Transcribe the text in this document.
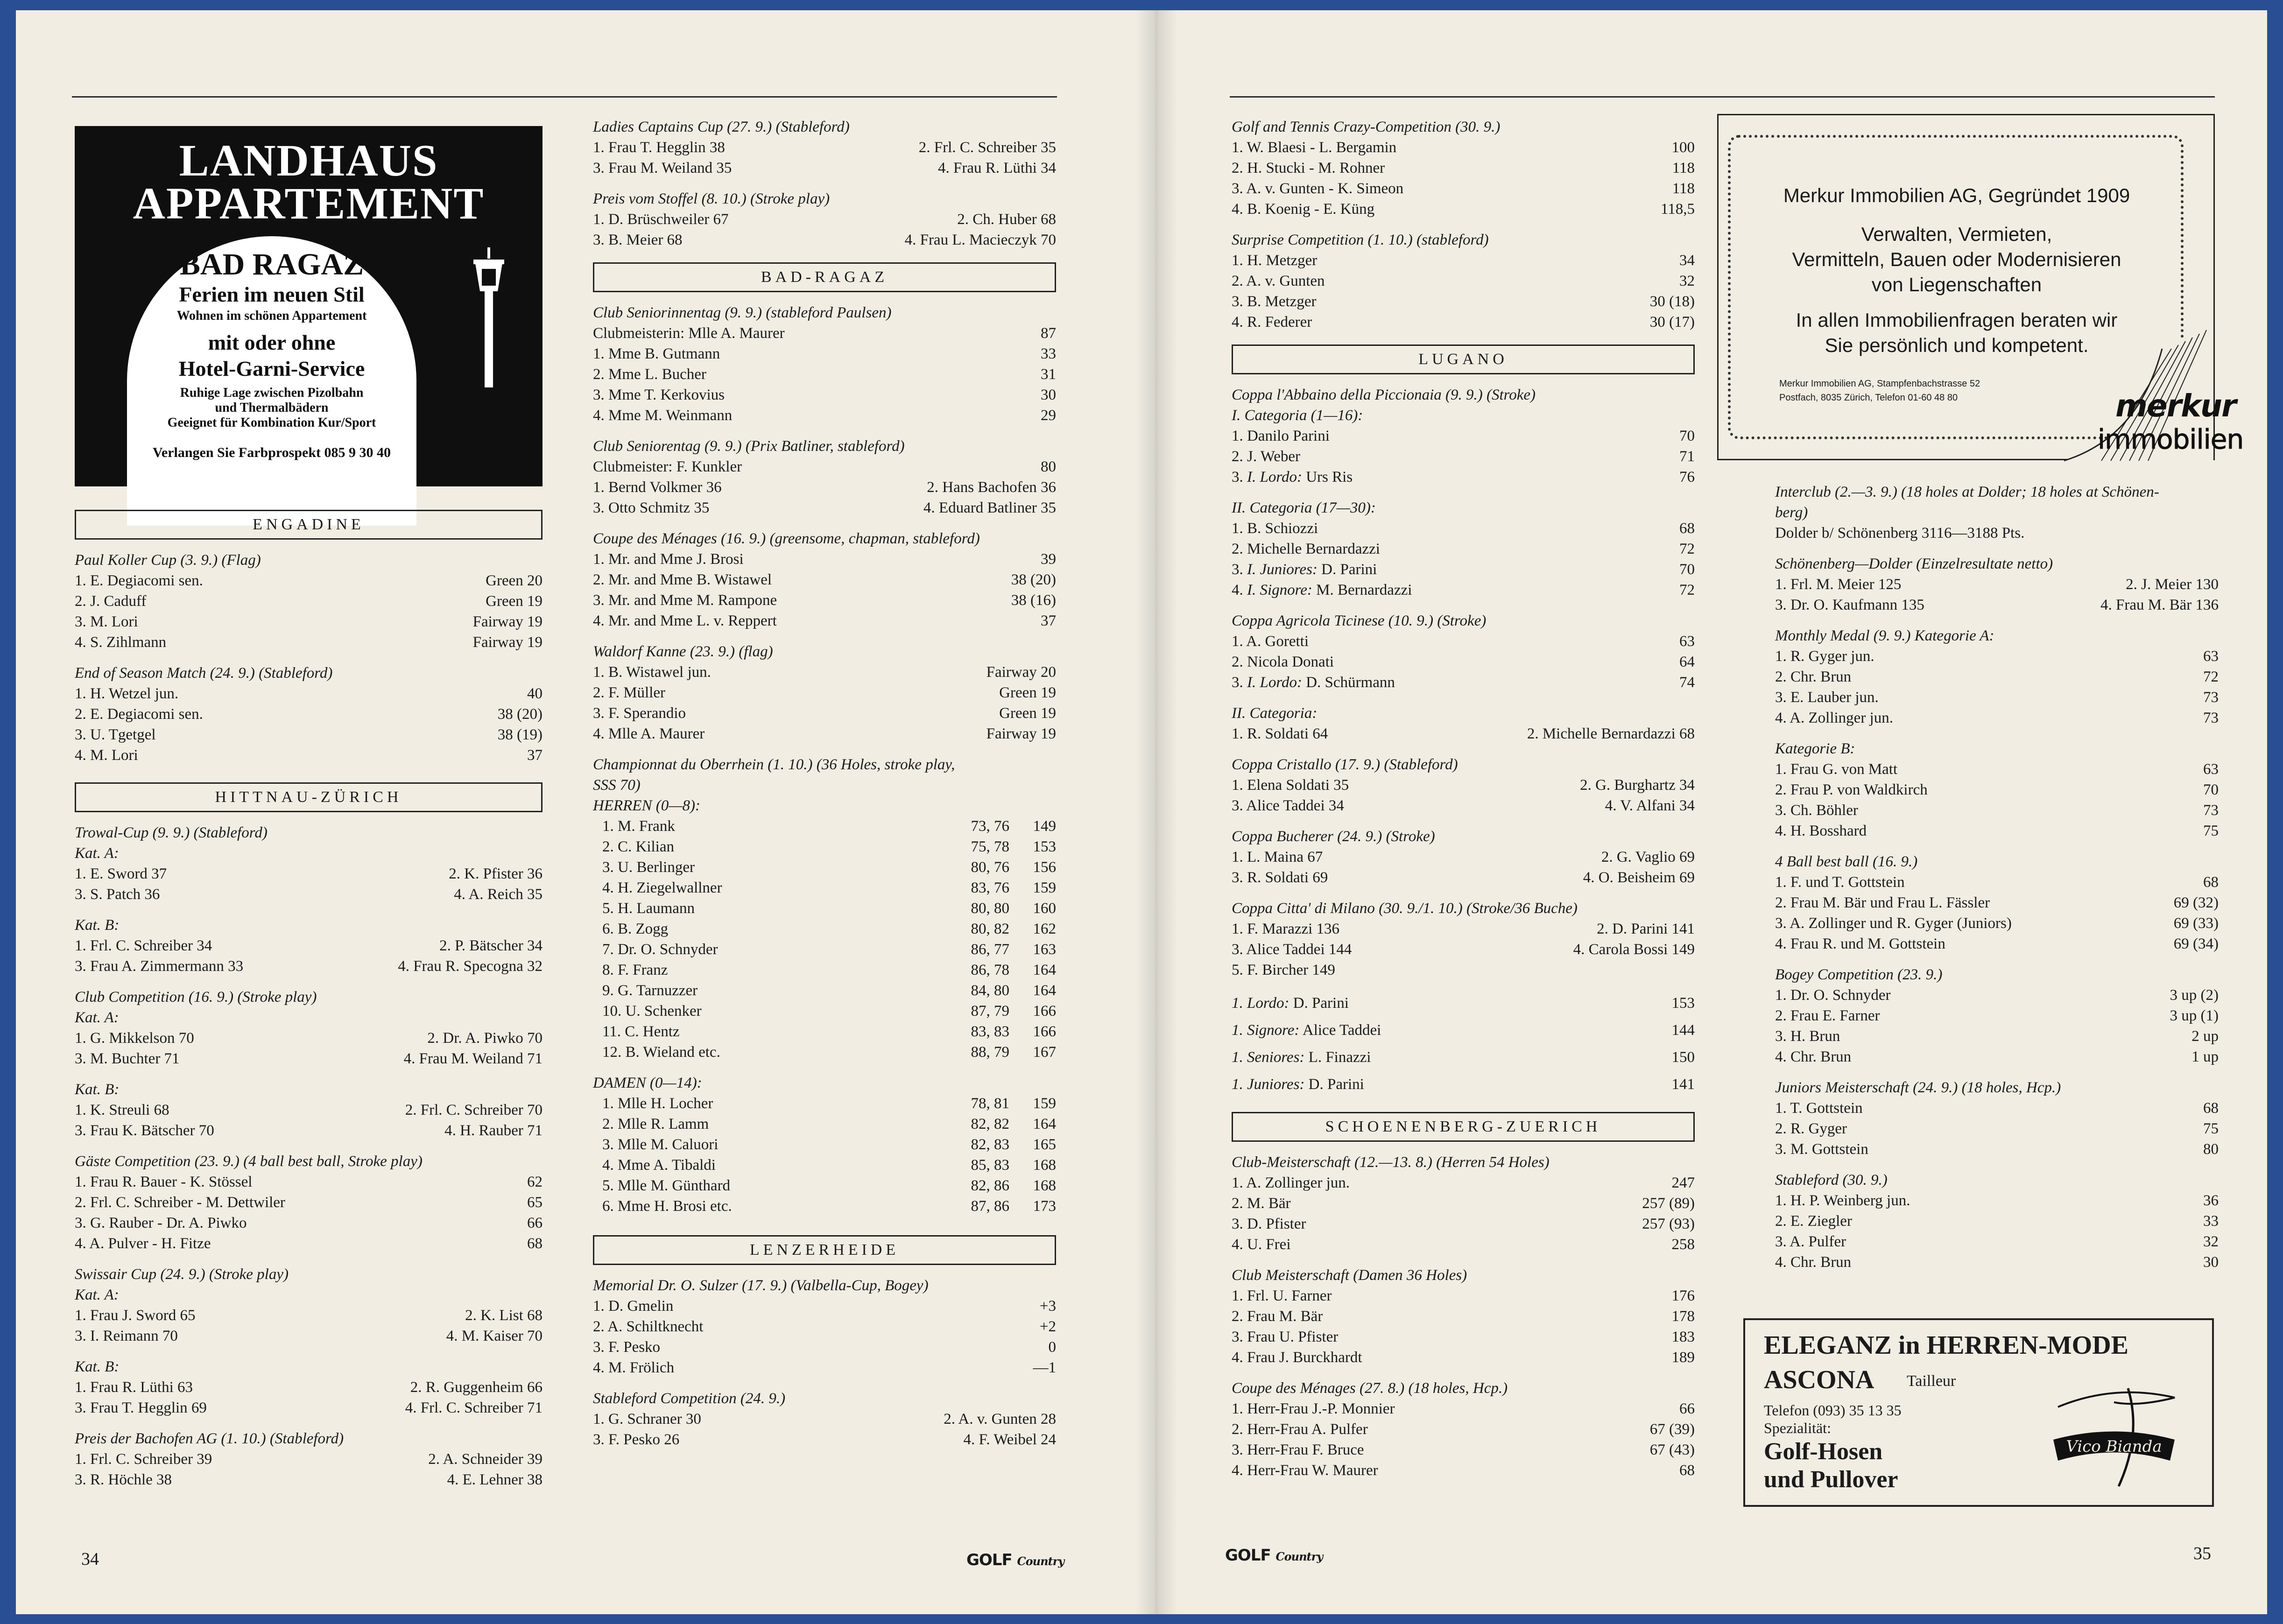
LANDHAUS
APPARTEMENT
BAD RAGAZ
Ferien im neuen Stil
Wohnen im schönen Appartement
mit oder ohne
Hotel-Garni-Service
Ruhige Lage zwischen Pizolbahn
und Thermalbädern
Geeignet für Kombination Kur/Sport
Verlangen Sie Farbprospekt 085 9 30 40
ENGADINE
Paul Koller Cup (3. 9.) (Flag)
1. E. Degiacomi sen.	Green 20
2. J. Caduff	Green 19
3. M. Lori	Fairway 19
4. S. Zihlmann	Fairway 19
End of Season Match (24. 9.) (Stableford)
1. H. Wetzel jun.	40
2. E. Degiacomi sen.	38 (20)
3. U. Tgetgel	38 (19)
4. M. Lori	37
HITTNAU-ZÜRICH
Trowal-Cup (9. 9.) (Stableford)
Kat. A:
1. E. Sword 37	2. K. Pfister 36
3. S. Patch 36	4. A. Reich 35
Kat. B:
1. Frl. C. Schreiber 34	2. P. Bätscher 34
3. Frau A. Zimmermann 33	4. Frau R. Specogna 32
Club Competition (16. 9.) (Stroke play)
Kat. A:
1. G. Mikkelson 70	2. Dr. A. Piwko 70
3. M. Buchter 71	4. Frau M. Weiland 71
Kat. B:
1. K. Streuli 68	2. Frl. C. Schreiber 70
3. Frau K. Bätscher 70	4. H. Rauber 71
Gäste Competition (23. 9.) (4 ball best ball, Stroke play)
1. Frau R. Bauer - K. Stössel	62
2. Frl. C. Schreiber - M. Dettwiler	65
3. G. Rauber - Dr. A. Piwko	66
4. A. Pulver - H. Fitze	68
Swissair Cup (24. 9.) (Stroke play)
Kat. A:
1. Frau J. Sword 65	2. K. List 68
3. I. Reimann 70	4. M. Kaiser 70
Kat. B:
1. Frau R. Lüthi 63	2. R. Guggenheim 66
3. Frau T. Hegglin 69	4. Frl. C. Schreiber 71
Preis der Bachofen AG (1. 10.) (Stableford)
1. Frl. C. Schreiber 39	2. A. Schneider 39
3. R. Höchle 38	4. E. Lehner 38
Ladies Captains Cup (27. 9.) (Stableford)
1. Frau T. Hegglin 38	2. Frl. C. Schreiber 35
3. Frau M. Weiland 35	4. Frau R. Lüthi 34
Preis vom Stoffel (8. 10.) (Stroke play)
1. D. Brüschweiler 67	2. Ch. Huber 68
3. B. Meier 68	4. Frau L. Macieczyk 70
BAD-RAGAZ
Club Seniorinnentag (9. 9.) (stableford Paulsen)
Clubmeisterin: Mlle A. Maurer	87
1. Mme B. Gutmann	33
2. Mme L. Bucher	31
3. Mme T. Kerkovius	30
4. Mme M. Weinmann	29
Club Seniorentag (9. 9.) (Prix Batliner, stableford)
Clubmeister: F. Kunkler	80
1. Bernd Volkmer 36	2. Hans Bachofen 36
3. Otto Schmitz 35	4. Eduard Batliner 35
Coupe des Ménages (16. 9.) (greensome, chapman, stableford)
1. Mr. and Mme J. Brosi	39
2. Mr. and Mme B. Wistawel	38 (20)
3. Mr. and Mme M. Rampone	38 (16)
4. Mr. and Mme L. v. Reppert	37
Waldorf Kanne (23. 9.) (flag)
1. B. Wistawel jun.	Fairway 20
2. F. Müller	Green 19
3. F. Sperandio	Green 19
4. Mlle A. Maurer	Fairway 19
Championnat du Oberrhein (1. 10.) (36 Holes, stroke play,
SSS 70)
HERREN (0—8):
1. M. Frank	73, 76	149
2. C. Kilian	75, 78	153
3. U. Berlinger	80, 76	156
4. H. Ziegelwallner	83, 76	159
5. H. Laumann	80, 80	160
6. B. Zogg	80, 82	162
7. Dr. O. Schnyder	86, 77	163
8. F. Franz	86, 78	164
9. G. Tarnuzzer	84, 80	164
10. U. Schenker	87, 79	166
11. C. Hentz	83, 83	166
12. B. Wieland etc.	88, 79	167
DAMEN (0—14):
1. Mlle H. Locher	78, 81	159
2. Mlle R. Lamm	82, 82	164
3. Mlle M. Caluori	82, 83	165
4. Mme A. Tibaldi	85, 83	168
5. Mlle M. Günthard	82, 86	168
6. Mme H. Brosi etc.	87, 86	173
LENZERHEIDE
Memorial Dr. O. Sulzer (17. 9.) (Valbella-Cup, Bogey)
1. D. Gmelin	+3
2. A. Schiltknecht	+2
3. F. Pesko	0
4. M. Frölich	—1
Stableford Competition (24. 9.)
1. G. Schraner 30	2. A. v. Gunten 28
3. F. Pesko 26	4. F. Weibel 24
34	GOLF Country
Golf and Tennis Crazy-Competition (30. 9.)
1. W. Blaesi - L. Bergamin	100
2. H. Stucki - M. Rohner	118
3. A. v. Gunten - K. Simeon	118
4. B. Koenig - E. Küng	118,5
Surprise Competition (1. 10.) (stableford)
1. H. Metzger	34
2. A. v. Gunten	32
3. B. Metzger	30 (18)
4. R. Federer	30 (17)
LUGANO
Coppa l'Abbaino della Piccionaia (9. 9.) (Stroke)
I. Categoria (1—16):
1. Danilo Parini	70
2. J. Weber	71
3. I. Lordo: Urs Ris	76
II. Categoria (17—30):
1. B. Schiozzi	68
2. Michelle Bernardazzi	72
3. I. Juniores: D. Parini	70
4. I. Signore: M. Bernardazzi	72
Coppa Agricola Ticinese (10. 9.) (Stroke)
1. A. Goretti	63
2. Nicola Donati	64
3. I. Lordo: D. Schürmann	74
II. Categoria:
1. R. Soldati 64	2. Michelle Bernardazzi 68
Coppa Cristallo (17. 9.) (Stableford)
1. Elena Soldati 35	2. G. Burghartz 34
3. Alice Taddei 34	4. V. Alfani 34
Coppa Bucherer (24. 9.) (Stroke)
1. L. Maina 67	2. G. Vaglio 69
3. R. Soldati 69	4. O. Beisheim 69
Coppa Citta' di Milano (30. 9./1. 10.) (Stroke/36 Buche)
1. F. Marazzi 136	2. D. Parini 141
3. Alice Taddei 144	4. Carola Bossi 149
5. F. Bircher 149
1. Lordo: D. Parini	153
1. Signore: Alice Taddei	144
1. Seniores: L. Finazzi	150
1. Juniores: D. Parini	141
SCHOENENBERG-ZUERICH
Club-Meisterschaft (12.—13. 8.) (Herren 54 Holes)
1. A. Zollinger jun.	247
2. M. Bär	257 (89)
3. D. Pfister	257 (93)
4. U. Frei	258
Club Meisterschaft (Damen 36 Holes)
1. Frl. U. Farner	176
2. Frau M. Bär	178
3. Frau U. Pfister	183
4. Frau J. Burckhardt	189
Coupe des Ménages (27. 8.) (18 holes, Hcp.)
1. Herr-Frau J.-P. Monnier	66
2. Herr-Frau A. Pulfer	67 (39)
3. Herr-Frau F. Bruce	67 (43)
4. Herr-Frau W. Maurer	68
Merkur Immobilien AG, Gegründet 1909
Verwalten, Vermieten,
Vermitteln, Bauen oder Modernisieren
von Liegenschaften
In allen Immobilienfragen beraten wir
Sie persönlich und kompetent.
Merkur Immobilien AG, Stampfenbachstrasse 52
Postfach, 8035 Zürich, Telefon 01-60 48 80	merkur
immobilien
Interclub (2.—3. 9.) (18 holes at Dolder; 18 holes at Schönen-
berg)
Dolder b/ Schönenberg 3116—3188 Pts.
Schönenberg—Dolder (Einzelresultate netto)
1. Frl. M. Meier 125	2. J. Meier 130
3. Dr. O. Kaufmann 135	4. Frau M. Bär 136
Monthly Medal (9. 9.) Kategorie A:
1. R. Gyger jun.	63
2. Chr. Brun	72
3. E. Lauber jun.	73
4. A. Zollinger jun.	73
Kategorie B:
1. Frau G. von Matt	63
2. Frau P. von Waldkirch	70
3. Ch. Böhler	73
4. H. Bosshard	75
4 Ball best ball (16. 9.)
1. F. und T. Gottstein	68
2. Frau M. Bär und Frau L. Fässler	69 (32)
3. A. Zollinger und R. Gyger (Juniors)	69 (33)
4. Frau R. und M. Gottstein	69 (34)
Bogey Competition (23. 9.)
1. Dr. O. Schnyder	3 up (2)
2. Frau E. Farner	3 up (1)
3. H. Brun	2 up
4. Chr. Brun	1 up
Juniors Meisterschaft (24. 9.) (18 holes, Hcp.)
1. T. Gottstein	68
2. R. Gyger	75
3. M. Gottstein	80
Stableford (30. 9.)
1. H. P. Weinberg jun.	36
2. E. Ziegler	33
3. A. Pulfer	32
4. Chr. Brun	30
ELEGANZ in HERREN-MODE
ASCONA Tailleur
Telefon (093) 35 13 35
Spezialität:
Golf-Hosen
und Pullover
Vico Bianda
GOLF Country	35
